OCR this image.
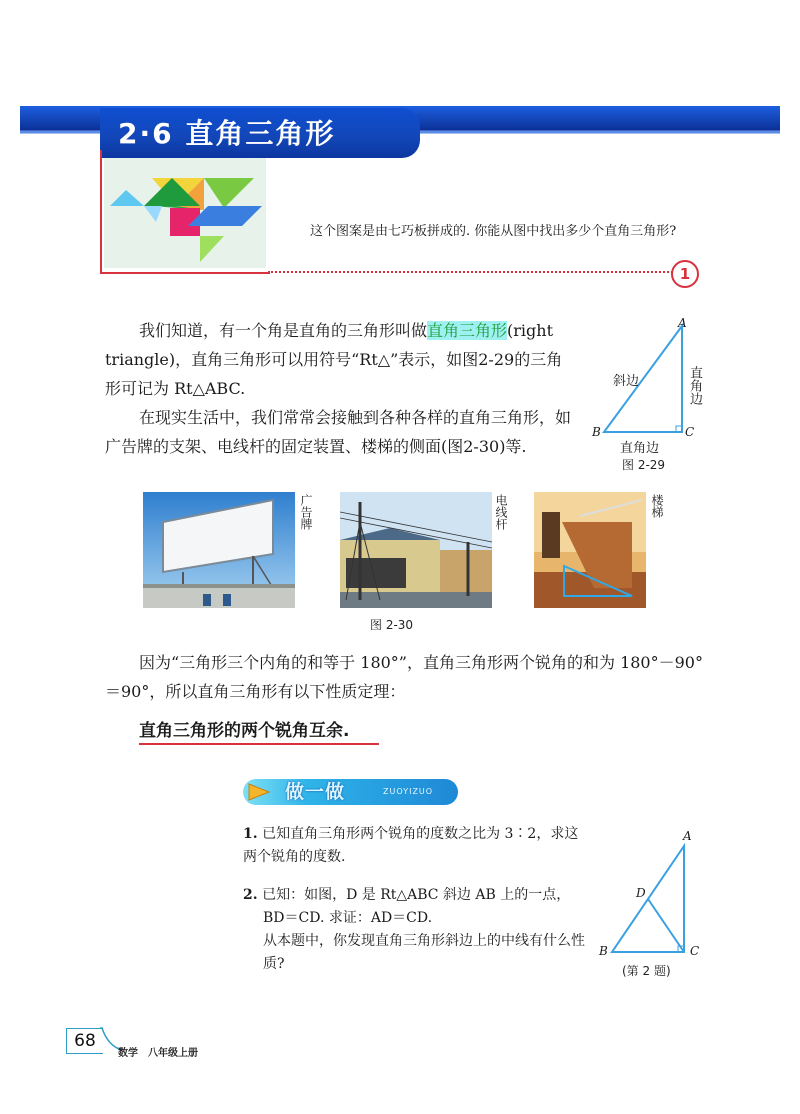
2·6 直角三角形
这个图案是由七巧板拼成的. 你能从图中找出多少个直角三角形?
1
我们知道，有一个角是直角的三角形叫做直角三角形(right triangle)，直角三角形可以用符号“Rt△”表示，如图2-29的三角形可记为 Rt△ABC.
A
B	C
斜边	直角边
直角边
图 2-29
在现实生活中，我们常常会接触到各种各样的直角三角形，如广告牌的支架、电线杆的固定装置、楼梯的侧面(图2-30)等.
广告牌	电线杆	楼梯
图 2-30
因为“三角形三个内角的和等于 180°”，直角三角形两个锐角的和为 180°－90°＝90°，所以直角三角形有以下性质定理：
直角三角形的两个锐角互余.
做一做	ZUOYIZUO
1. 已知直角三角形两个锐角的度数之比为 3∶2，求这两个锐角的度数.
2. 已知：如图，D 是 Rt△ABC 斜边 AB 上的一点，
BD＝CD. 求证：AD＝CD.
从本题中，你发现直角三角形斜边上的中线有什么性质?
A
D
B	C
(第 2 题)
68
数学　八年级上册
